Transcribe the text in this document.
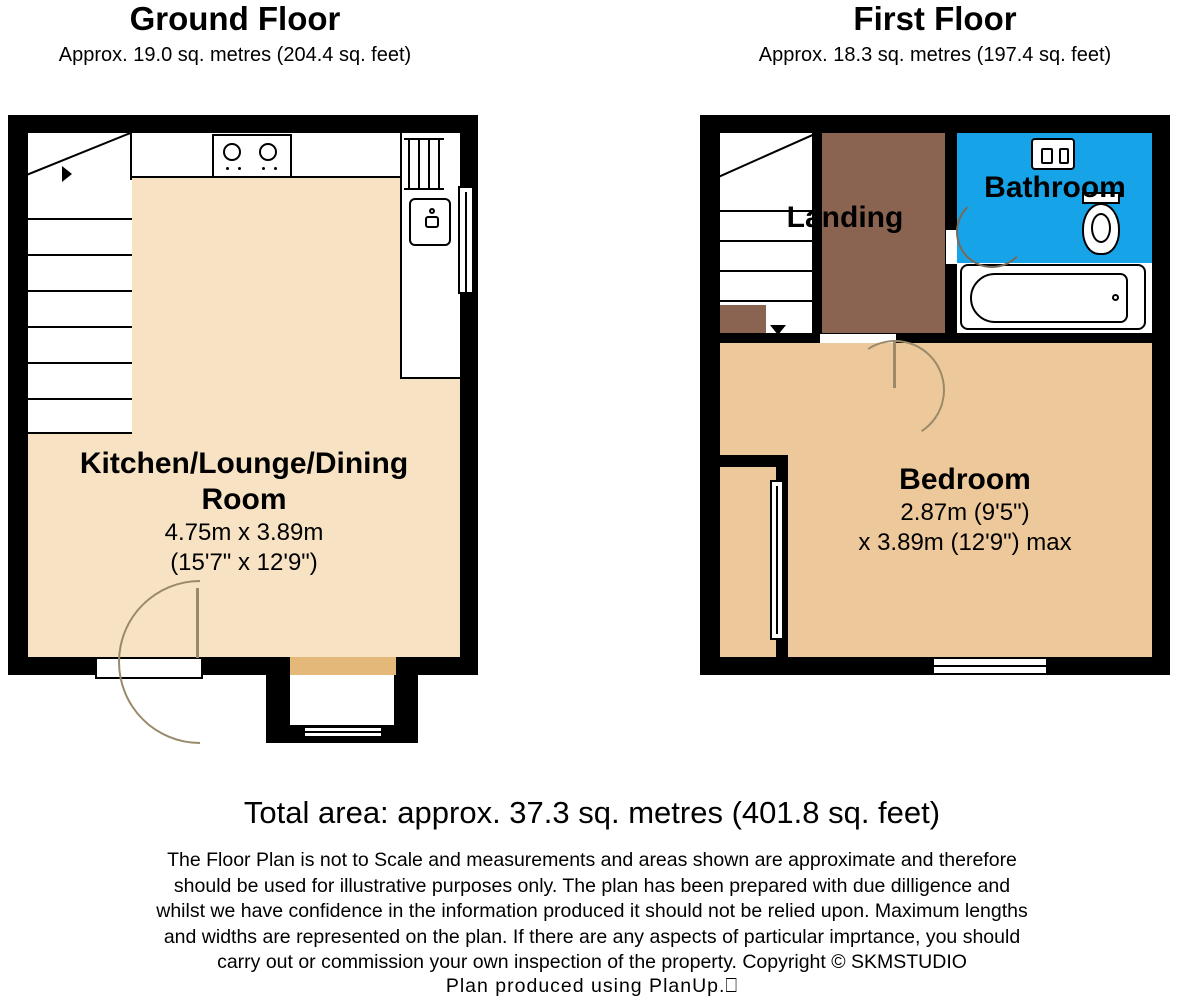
Ground Floor
Approx. 19.0 sq. metres (204.4 sq. feet)
Kitchen/Lounge/Dining
Room
4.75m x 3.89m
(15'7" x 12'9")
First Floor
Approx. 18.3 sq. metres (197.4 sq. feet)
Landing
Bathroom
Bedroom
2.87m (9'5")
x 3.89m (12'9") max
Total area: approx. 37.3 sq. metres (401.8 sq. feet)
The Floor Plan is not to Scale and measurements and areas shown are approximate and therefore
should be used for illustrative purposes only. The plan has been prepared with due dilligence and
whilst we have confidence in the information produced it should not be relied upon. Maximum lengths
and widths are represented on the plan. If there are any aspects of particular imprtance, you should
carry out or commission your own inspection of the property. Copyright © SKMSTUDIO
Plan produced using PlanUp.⎕
